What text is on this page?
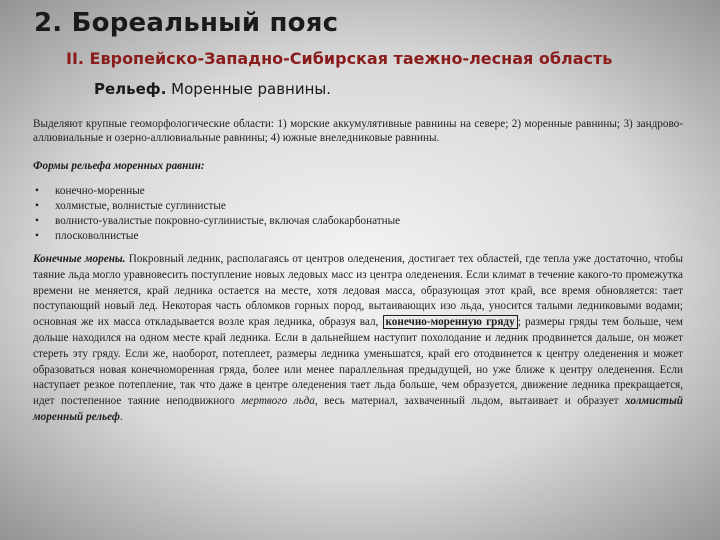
2. Бореальный пояс
II. Европейско-Западно-Сибирская таежно-лесная область

Рельеф. Моренные равнины.

Выделяют крупные геоморфологические области: 1) морские аккумулятивные равнины на севере; 2) моренные равнины; 3) зандрово-аллювиальные и озерно-аллювиальные равнины; 4) южные внеледниковые равнины.

Формы рельефа моренных равнин:

• конечно-моренные
• холмистые, волнистые суглинистые
• волнисто-увалистые покровно-суглинистые, включая слабокарбонатные
• плосковолнистые

Конечные морены. Покровный ледник, располагаясь от центров оледенения, достигает тех областей, где тепла уже достаточно, чтобы таяние льда могло уравновесить поступление новых ледовых масс из центра оледенения. Если климат в течение какого-то промежутка времени не меняется, край ледника остается на месте, хотя ледовая масса, образующая этот край, все время обновляется: тает поступающий новый лед. Некоторая часть обломков горных пород, вытаивающих изо льда, уносится талыми ледниковыми водами; основная же их масса откладывается возле края ледника, образуя вал, конечно-моренную гряду ; размеры гряды тем больше, чем дольше находился на одном месте край ледника. Если в дальнейшем наступит похолодание и ледник продвинется дальше, он может стереть эту гряду. Если же, наоборот, потеплеет, размеры ледника уменьшатся, край его отодвинется к центру оледенения и может образоваться новая конечноморенная гряда, более или менее параллельная предыдущей, но уже ближе к центру оледенения. Если наступает резкое потепление, так что даже в центре оледенения тает льда больше, чем образуется, движение ледника прекращается, идет постепенное таяние неподвижного мертвого льда, весь материал, захваченный льдом, вытаивает и образует холмистый моренный рельеф.
